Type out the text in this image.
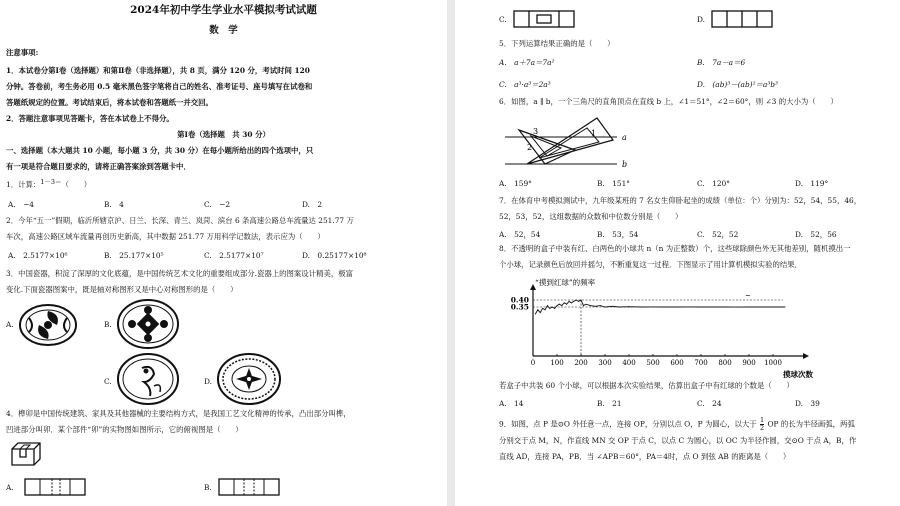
2024年初中学生学业水平模拟考试试题
数　学
注意事项:
1．本试卷分第Ⅰ卷（选择题）和第Ⅱ卷（非选择题），共 8 页，满分 120 分，考试时间 120
分钟。答卷前，考生务必用 0.5 毫米黑色签字笔将自己的姓名、准考证号、座号填写在试卷和
答题纸规定的位置。考试结束后，将本试卷和答题纸一并交回。
2．答题注意事项见答题卡，答在本试卷上不得分。
第Ⅰ卷（选择题　共 30 分）
一、选择题（本大题共 10 小题，每小题 3 分，共 30 分）在每小题所给出的四个选项中，只
有一项是符合题目要求的，请将正确答案涂到答题卡中．
1．计算：1－3＝（　　）
A.　−4	B.　4	C.　−2	D.　2
2．今年“五一”假期，临沂所辖京沪、日兰、长深、青兰、岚菏、滨台 6 条高速公路总车流量达 251.77 万
车次，高速公路区域车流量再创历史新高，其中数据 251.77 万用科学记数法，表示应为（　　）
A.　2.5177×10⁶	B.　25.177×10⁵	C.　2.5177×10⁷	D.　0.25177×10⁸
3．中国瓷器，积淀了深厚的文化底蕴，是中国传统艺术文化的重要组成部分.瓷器上的图案设计精美，极富
变化.下面瓷器图案中，既是轴对称图形又是中心对称图形的是（　　）
A.	B.
C.	D.
4．榫卯是中国传统建筑、家具及其他器械的主要结构方式，是我国工艺文化精神的传承，凸出部分叫榫，
凹进部分叫卯．某个部件“卯”的实物图如图所示，它的俯视图是（　　）
A.	B.
C.	D.
5．下列运算结果正确的是（　　）
A.　a＋7a＝7a²	B.　7a－a＝6
C.　a³·a³＝2a³	D.　(ab)³－(ab)²＝a³b³
6．如图，a ∥ b，一个三角尺的直角顶点在直线 b 上，∠1＝51°，∠2＝60°，则 ∠3 的大小为（　　）
3
2
1	a
b
A.　159°	B.　151°	C.　120°	D.　119°
7．在体育中考模拟测试中，九年级某班的 7 名女生仰卧起坐的成绩（单位：个）分别为：52，54，55，46，
52，53，52，这组数据的众数和中位数分别是（　　）
A.　52，54	B.　53，54	C.　52，52	D.　52，56
8．不透明的盒子中装有红、白两色的小球共 n（n 为正整数）个，这些球除颜色外无其他差别，随机摸出一
个小球，记录颜色后放回并摇匀，不断重复这一过程．下图显示了用计算机模拟实验的结果．
“摸到红球”的频率
~
0 100 200 300 400 500 600 700 800 900 1000
0.35
0.40
摸球次数
若盒子中共装 60 个小球，可以根据本次实验结果，估算出盒子中有红球的个数是（　　）
A.　14	B.　21	C.　24	D.　39
9．如图，点 P 是⊙O 外任意一点，连接 OP，分别以点 O，P 为圆心，以大于 $\frac{1}{2}$ OP 的长为半径画弧，两弧
分别交于点 M，N，作直线 MN 交 OP 于点 C，以点 C 为圆心，以 OC 为半径作圆，交⊙O 于点 A，B，作
直线 AD，连接 PA，PB．当 ∠APB＝60°，PA＝4时，点 O 到弦 AB 的距离是（　　）
